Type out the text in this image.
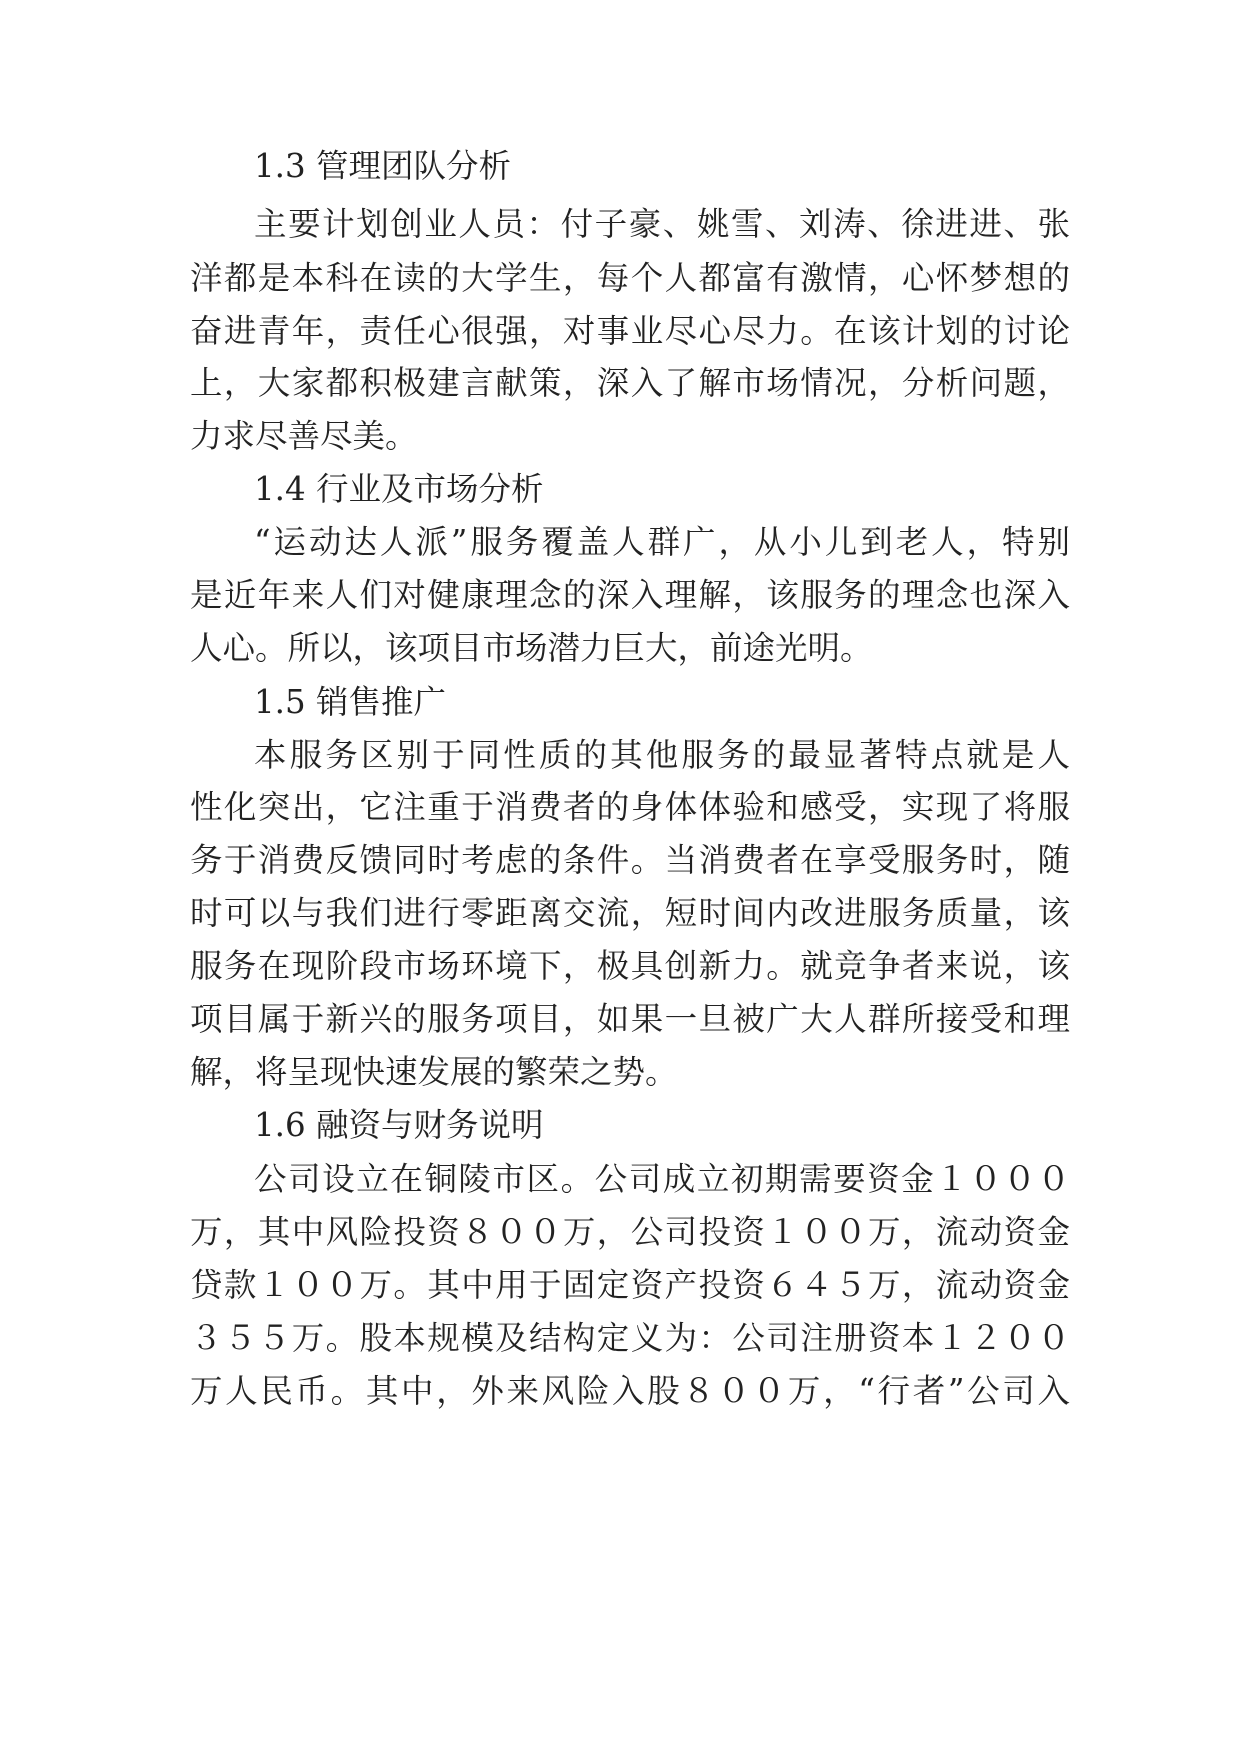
1.3 管理团队分析
主要计划创业人员：付子豪、姚雪、刘涛、徐进进、张
洋都是本科在读的大学生，每个人都富有激情，心怀梦想的
奋进青年，责任心很强，对事业尽心尽力。在该计划的讨论
上，大家都积极建言献策，深入了解市场情况，分析问题，
力求尽善尽美。
1.4 行业及市场分析
“运动达人派”服务覆盖人群广，从小儿到老人，特别
是近年来人们对健康理念的深入理解，该服务的理念也深入
人心。所以，该项目市场潜力巨大，前途光明。
1.5 销售推广
本服务区别于同性质的其他服务的最显著特点就是人
性化突出，它注重于消费者的身体体验和感受，实现了将服
务于消费反馈同时考虑的条件。当消费者在享受服务时，随
时可以与我们进行零距离交流，短时间内改进服务质量，该
服务在现阶段市场环境下，极具创新力。就竞争者来说，该
项目属于新兴的服务项目，如果一旦被广大人群所接受和理
解，将呈现快速发展的繁荣之势。
1.6 融资与财务说明
公司设立在铜陵市区。公司成立初期需要资金１０００
万，其中风险投资８００万，公司投资１００万，流动资金
贷款１００万。其中用于固定资产投资６４５万，流动资金
３５５万。股本规模及结构定义为：公司注册资本１２００
万人民币。其中，外来风险入股８００万，“行者”公司入
